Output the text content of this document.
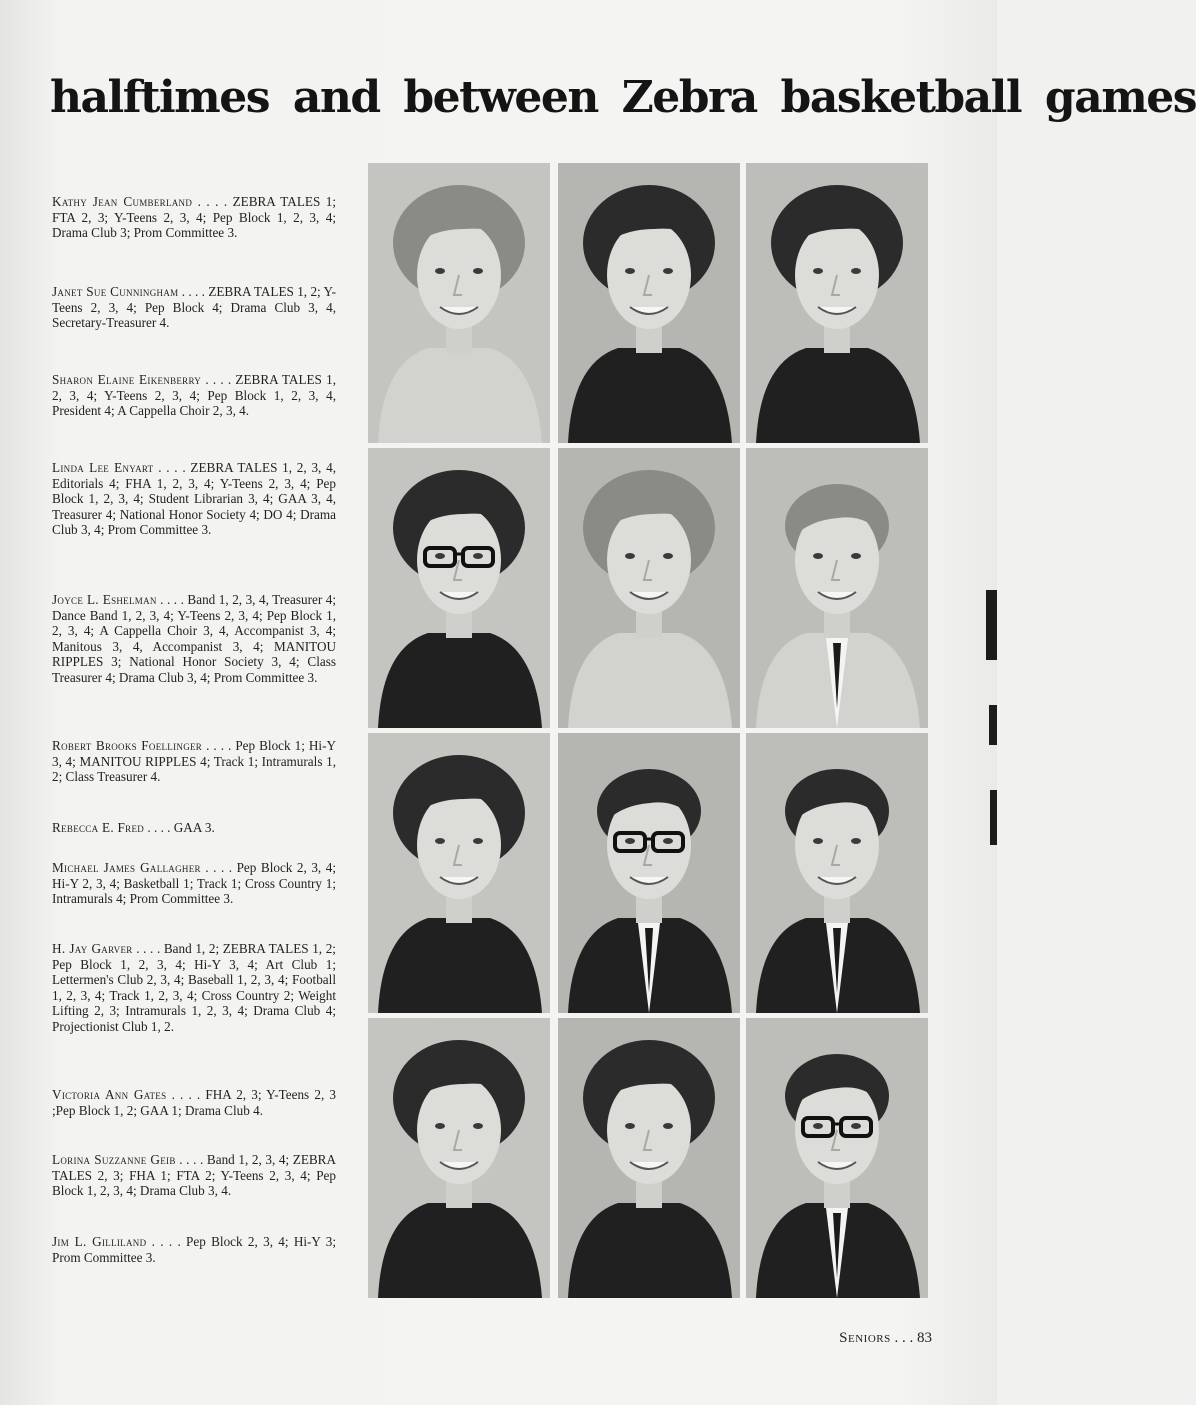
halftimes and between Zebra basketball games
Kathy Jean Cumberland . . . . ZEBRA TALES 1; FTA 2, 3; Y-Teens 2, 3, 4; Pep Block 1, 2, 3, 4; Drama Club 3; Prom Committee 3.
Janet Sue Cunningham . . . . ZEBRA TALES 1, 2; Y-Teens 2, 3, 4; Pep Block 4; Drama Club 3, 4, Secretary-Treasurer 4.
Sharon Elaine Eikenberry . . . . ZEBRA TALES 1, 2, 3, 4; Y-Teens 2, 3, 4; Pep Block 1, 2, 3, 4, President 4; A Cappella Choir 2, 3, 4.
Linda Lee Enyart . . . . ZEBRA TALES 1, 2, 3, 4, Editorials 4; FHA 1, 2, 3, 4; Y-Teens 2, 3, 4; Pep Block 1, 2, 3, 4; Student Librarian 3, 4; GAA 3, 4, Treasurer 4; National Honor Society 4; DO 4; Drama Club 3, 4; Prom Committee 3.
Joyce L. Eshelman . . . . Band 1, 2, 3, 4, Treasurer 4; Dance Band 1, 2, 3, 4; Y-Teens 2, 3, 4; Pep Block 1, 2, 3, 4; A Cappella Choir 3, 4, Accompanist 3, 4; Manitous 3, 4, Accompanist 3, 4; MANITOU RIPPLES 3; National Honor Society 3, 4; Class Treasurer 4; Drama Club 3, 4; Prom Committee 3.
Robert Brooks Foellinger . . . . Pep Block 1; Hi-Y 3, 4; MANITOU RIPPLES 4; Track 1; Intramurals 1, 2; Class Treasurer 4.
Rebecca E. Fred . . . . GAA 3.
Michael James Gallagher . . . . Pep Block 2, 3, 4; Hi-Y 2, 3, 4; Basketball 1; Track 1; Cross Country 1; Intramurals 4; Prom Committee 3.
H. Jay Garver . . . . Band 1, 2; ZEBRA TALES 1, 2; Pep Block 1, 2, 3, 4; Hi-Y 3, 4; Art Club 1; Lettermen's Club 2, 3, 4; Baseball 1, 2, 3, 4; Football 1, 2, 3, 4; Track 1, 2, 3, 4; Cross Country 2; Weight Lifting 2, 3; Intramurals 1, 2, 3, 4; Drama Club 4; Projectionist Club 1, 2.
Victoria Ann Gates . . . . FHA 2, 3; Y-Teens 2, 3 ;Pep Block 1, 2; GAA 1; Drama Club 4.
Lorina Suzzanne Geib . . . . Band 1, 2, 3, 4; ZEBRA TALES 2, 3; FHA 1; FTA 2; Y-Teens 2, 3, 4; Pep Block 1, 2, 3, 4; Drama Club 3, 4.
Jim L. Gilliland . . . . Pep Block 2, 3, 4; Hi-Y 3; Prom Committee 3.
Seniors . . . 83
